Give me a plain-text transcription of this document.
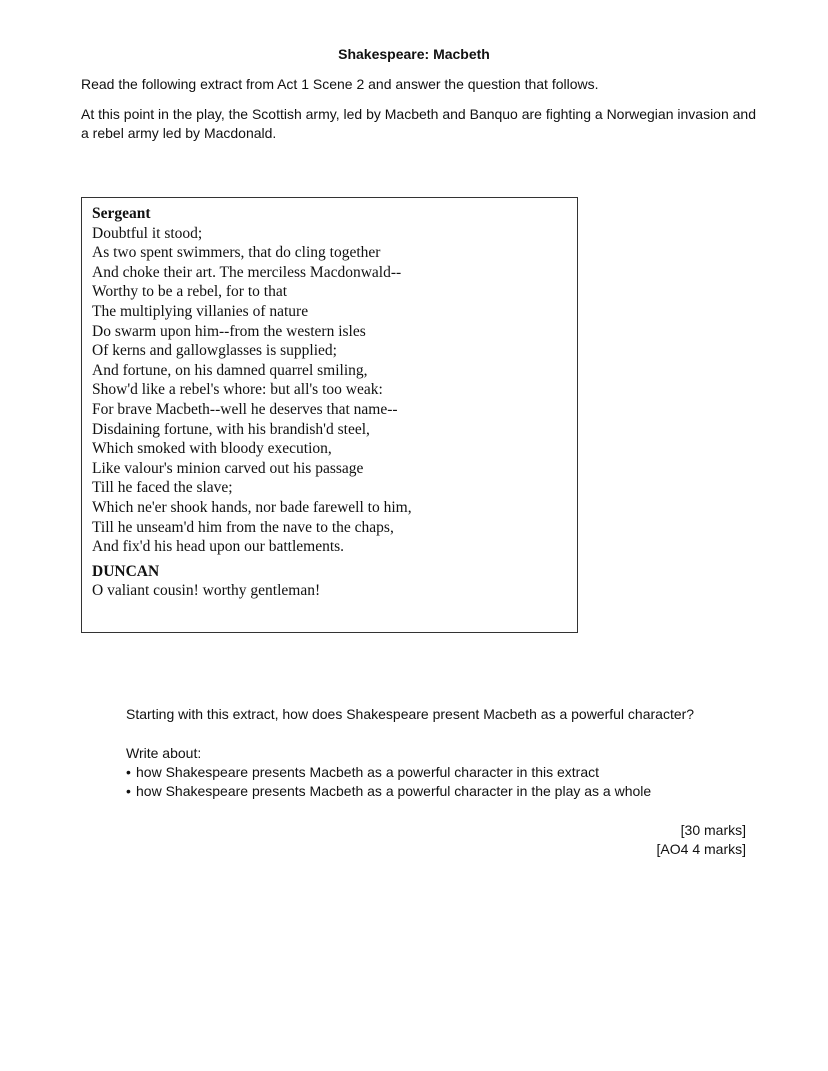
Shakespeare: Macbeth

Read the following extract from Act 1 Scene 2 and answer the question that follows.

At this point in the play, the Scottish army, led by Macbeth and Banquo are fighting a Norwegian invasion and a rebel army led by Macdonald.

Sergeant
Doubtful it stood;
As two spent swimmers, that do cling together
And choke their art. The merciless Macdonwald--
Worthy to be a rebel, for to that
The multiplying villanies of nature
Do swarm upon him--from the western isles
Of kerns and gallowglasses is supplied;
And fortune, on his damned quarrel smiling,
Show'd like a rebel's whore: but all's too weak:
For brave Macbeth--well he deserves that name--
Disdaining fortune, with his brandish'd steel,
Which smoked with bloody execution,
Like valour's minion carved out his passage
Till he faced the slave;
Which ne'er shook hands, nor bade farewell to him,
Till he unseam'd him from the nave to the chaps,
And fix'd his head upon our battlements.
DUNCAN
O valiant cousin! worthy gentleman!

Starting with this extract, how does Shakespeare present Macbeth as a powerful character?

Write about:
• how Shakespeare presents Macbeth as a powerful character in this extract
• how Shakespeare presents Macbeth as a powerful character in the play as a whole
[30 marks]
[AO4 4 marks]
